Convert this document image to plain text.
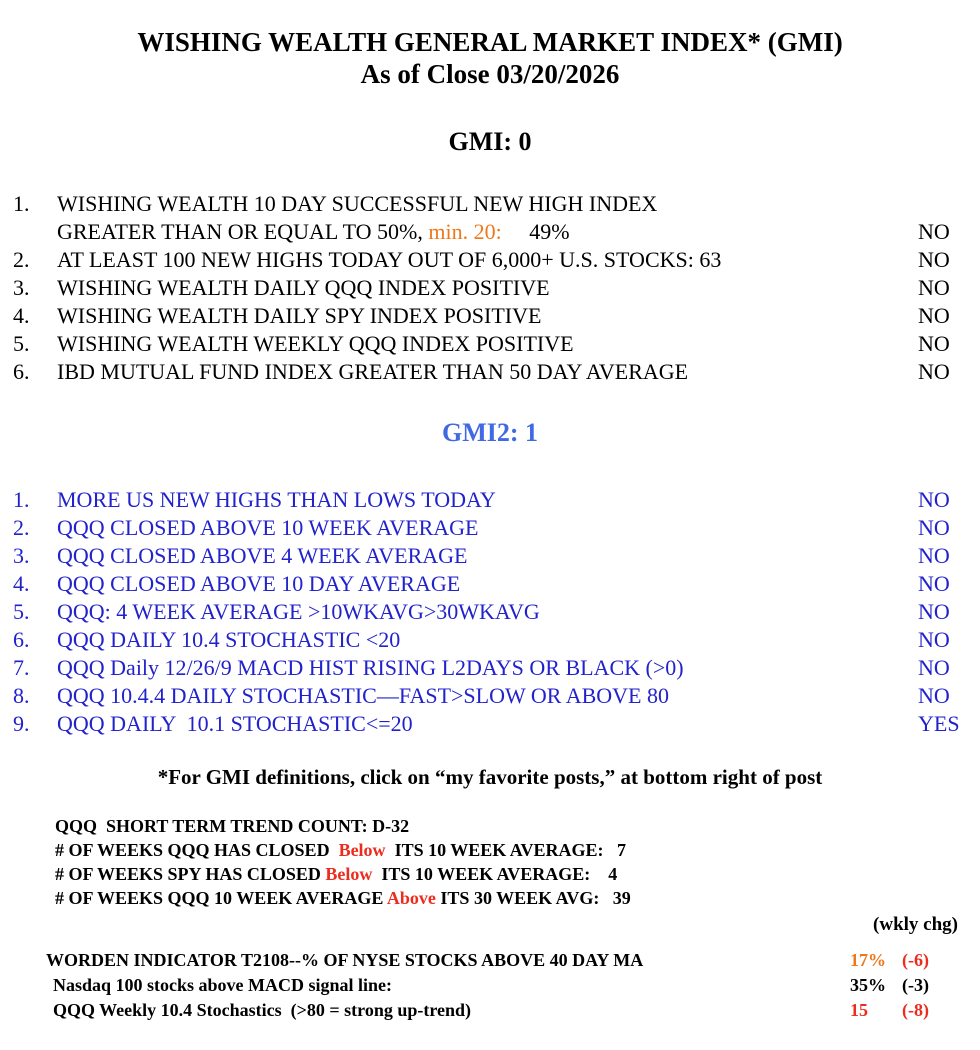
WISHING WEALTH GENERAL MARKET INDEX* (GMI)
As of Close 03/20/2026
GMI: 0
1.	WISHING WEALTH 10 DAY SUCCESSFUL NEW HIGH INDEX
GREATER THAN OR EQUAL TO 50%, min. 20:     49%	NO
2.	AT LEAST 100 NEW HIGHS TODAY OUT OF 6,000+ U.S. STOCKS: 63	NO
3.	WISHING WEALTH DAILY QQQ INDEX POSITIVE	NO
4.	WISHING WEALTH DAILY SPY INDEX POSITIVE	NO
5.	WISHING WEALTH WEEKLY QQQ INDEX POSITIVE	NO
6.	IBD MUTUAL FUND INDEX GREATER THAN 50 DAY AVERAGE	NO
GMI2: 1
1.	MORE US NEW HIGHS THAN LOWS TODAY	NO
2.	QQQ CLOSED ABOVE 10 WEEK AVERAGE	NO
3.	QQQ CLOSED ABOVE 4 WEEK AVERAGE	NO
4.	QQQ CLOSED ABOVE 10 DAY AVERAGE	NO
5.	QQQ: 4 WEEK AVERAGE >10WKAVG>30WKAVG	NO
6.	QQQ DAILY 10.4 STOCHASTIC <20	NO
7.	QQQ Daily 12/26/9 MACD HIST RISING L2DAYS OR BLACK (>0)	NO
8.	QQQ 10.4.4 DAILY STOCHASTIC—FAST>SLOW OR ABOVE 80	NO
9.	QQQ DAILY  10.1 STOCHASTIC<=20	YES
*For GMI definitions, click on “my favorite posts,” at bottom right of post
QQQ  SHORT TERM TREND COUNT: D-32
# OF WEEKS QQQ HAS CLOSED  Below  ITS 10 WEEK AVERAGE:   7
# OF WEEKS SPY HAS CLOSED Below  ITS 10 WEEK AVERAGE:    4
# OF WEEKS QQQ 10 WEEK AVERAGE Above ITS 30 WEEK AVG:   39
(wkly chg)
WORDEN INDICATOR T2108--% OF NYSE STOCKS ABOVE 40 DAY MA	17% (-6)
Nasdaq 100 stocks above MACD signal line:	35% (-3)
QQQ Weekly 10.4 Stochastics  (>80 = strong up-trend)	15	(-8)
